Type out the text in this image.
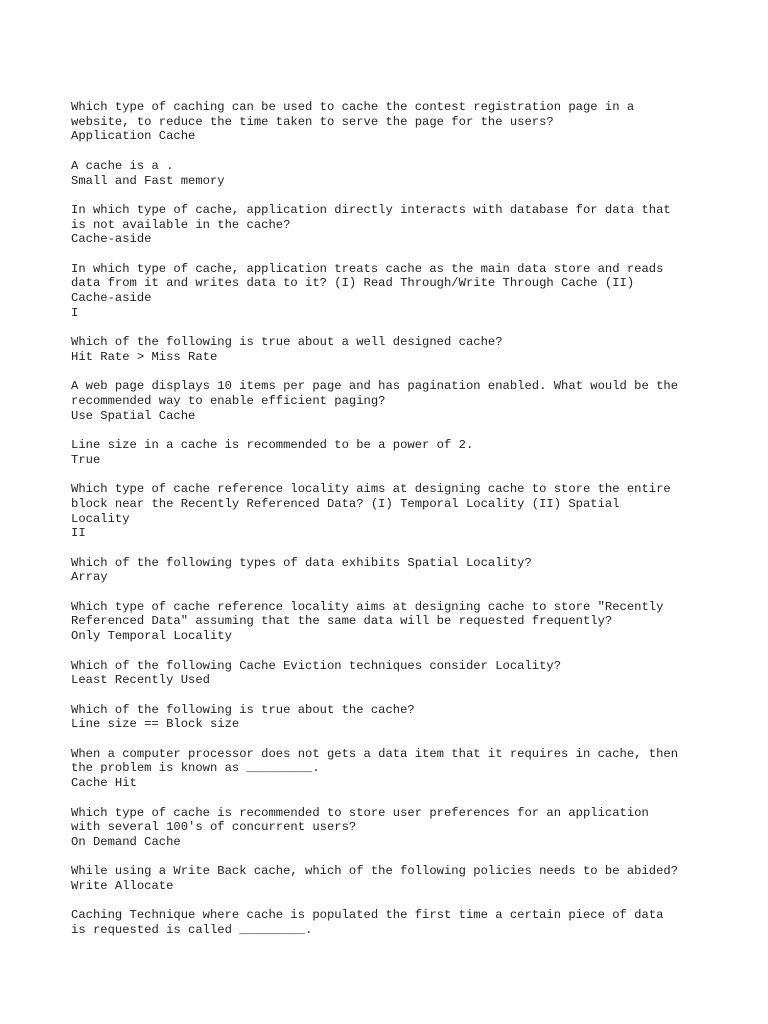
Which type of caching can be used to cache the contest registration page in a
website, to reduce the time taken to serve the page for the users?
Application Cache
A cache is a .
Small and Fast memory
In which type of cache, application directly interacts with database for data that
is not available in the cache?
Cache-aside
In which type of cache, application treats cache as the main data store and reads
data from it and writes data to it? (I) Read Through/Write Through Cache (II)
Cache-aside
I
Which of the following is true about a well designed cache?
Hit Rate > Miss Rate
A web page displays 10 items per page and has pagination enabled. What would be the
recommended way to enable efficient paging?
Use Spatial Cache
Line size in a cache is recommended to be a power of 2.
True
Which type of cache reference locality aims at designing cache to store the entire
block near the Recently Referenced Data? (I) Temporal Locality (II) Spatial
Locality
II
Which of the following types of data exhibits Spatial Locality?
Array
Which type of cache reference locality aims at designing cache to store "Recently
Referenced Data" assuming that the same data will be requested frequently?
Only Temporal Locality
Which of the following Cache Eviction techniques consider Locality?
Least Recently Used
Which of the following is true about the cache?
Line size == Block size
When a computer processor does not gets a data item that it requires in cache, then
the problem is known as _________.
Cache Hit
Which type of cache is recommended to store user preferences for an application
with several 100's of concurrent users?
On Demand Cache
While using a Write Back cache, which of the following policies needs to be abided?
Write Allocate
Caching Technique where cache is populated the first time a certain piece of data
is requested is called _________.
